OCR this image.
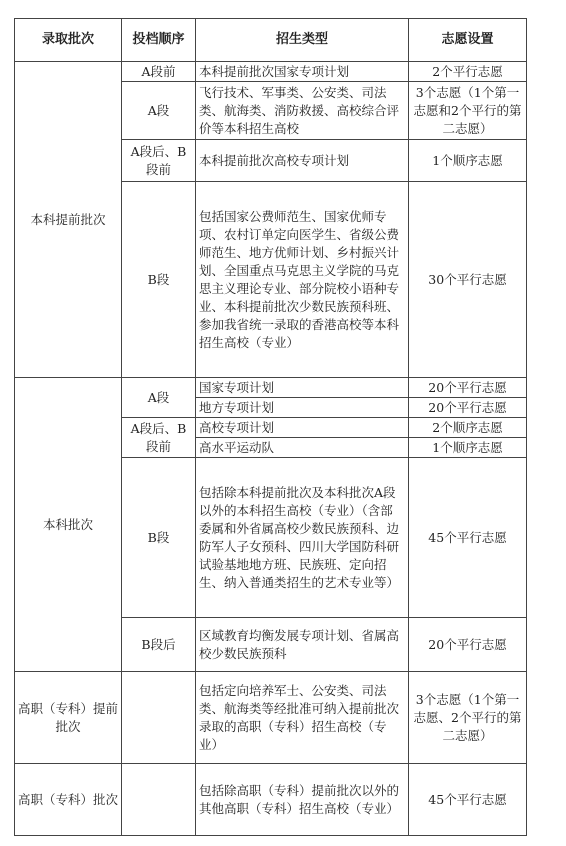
录取批次	投档顺序	招生类型	志愿设置
本科提前批次	A段前	本科提前批次国家专项计划	2个平行志愿
	A段	飞行技术、军事类、公安类、司法类、航海类、消防救援、高校综合评价等本科招生高校	3个志愿（1个第一志愿和2个平行的第二志愿）
	A段后、B段前	本科提前批次高校专项计划	1个顺序志愿
	B段	包括国家公费师范生、国家优师专项、农村订单定向医学生、省级公费师范生、地方优师计划、乡村振兴计划、全国重点马克思主义学院的马克思主义理论专业、部分院校小语种专业、本科提前批次少数民族预科班、参加我省统一录取的香港高校等本科招生高校（专业）	30个平行志愿
本科批次	A段	国家专项计划	20个平行志愿
		地方专项计划	20个平行志愿
	A段后、B段前	高校专项计划	2个顺序志愿
		高水平运动队	1个顺序志愿
	B段	包括除本科提前批次及本科批次A段以外的本科招生高校（专业）（含部委属和外省属高校少数民族预科、边防军人子女预科、四川大学国防科研试验基地地方班、民族班、定向招生、纳入普通类招生的艺术专业等）	45个平行志愿
	B段后	区域教育均衡发展专项计划、省属高校少数民族预科	20个平行志愿
高职（专科）提前批次		包括定向培养军士、公安类、司法类、航海类等经批准可纳入提前批次录取的高职（专科）招生高校（专业）	3个志愿（1个第一志愿、2个平行的第二志愿）
高职（专科）批次		包括除高职（专科）提前批次以外的其他高职（专科）招生高校（专业）	45个平行志愿
